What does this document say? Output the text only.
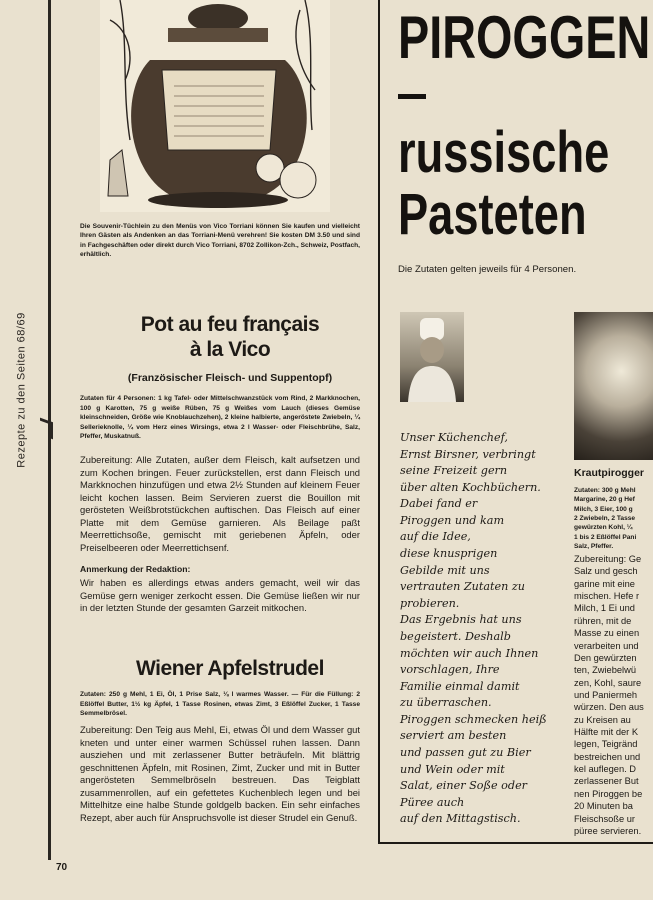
Rezepte zu den Seiten 68/69
Die Souvenir-Tüchlein zu den Menüs von Vico Torriani können Sie kaufen und vielleicht Ihren Gästen als Andenken an das Torriani-Menü verehren! Sie kosten DM 3.50 und sind in Fachgeschäften oder direkt durch Vico Torriani, 8702 Zollikon-Zch., Schweiz, Postfach, erhältlich.
Pot au feu français
à la Vico
(Französischer Fleisch- und Suppentopf)
Zutaten für 4 Personen: 1 kg Tafel- oder Mittelschwanzstück vom Rind, 2 Markknochen, 100 g Karotten, 75 g weiße Rüben, 75 g Weißes vom Lauch (dieses Gemüse kleinschneiden, Größe wie Knoblauchzehen), 2 kleine halbierte, angeröstete Zwiebeln, ¼ Sellerieknolle, ¼ vom Herz eines Wirsings, etwa 2 l Wasser- oder Fleischbrühe, Salz, Pfeffer, Muskatnuß.
Zubereitung: Alle Zutaten, außer dem Fleisch, kalt aufsetzen und zum Kochen bringen. Feuer zurückstellen, erst dann Fleisch und Markknochen hinzufügen und etwa 2½ Stunden auf kleinem Feuer leicht kochen lassen. Beim Servieren zuerst die Bouillon mit gerösteten Weißbrotstückchen auftischen. Das Fleisch auf einer Platte mit dem Gemüse garnieren. Als Beilage paßt Meerrettichsoße, gemischt mit geriebenen Äpfeln, oder Preiselbeeren oder Meerrettichsenf.
Anmerkung der Redaktion:
Wir haben es allerdings etwas anders gemacht, weil wir das Gemüse gern weniger zerkocht essen. Die Gemüse ließen wir nur in der letzten Stunde der gesamten Garzeit mitkochen.
Wiener Apfelstrudel
Zutaten: 250 g Mehl, 1 Ei, Öl, 1 Prise Salz, ⅛ l warmes Wasser. — Für die Füllung: 2 Eßlöffel Butter, 1½ kg Äpfel, 1 Tasse Rosinen, etwas Zimt, 3 Eßlöffel Zucker, 1 Tasse Semmelbrösel.
Zubereitung: Den Teig aus Mehl, Ei, etwas Öl und dem Wasser gut kneten und unter einer warmen Schüssel ruhen lassen. Dann ausziehen und mit zerlassener Butter beträufeln. Mit blättrig geschnittenen Äpfeln, mit Rosinen, Zimt, Zucker und mit in Butter angerösteten Semmelbröseln bestreuen. Das Teigblatt zusammenrollen, auf ein gefettetes Kuchenblech legen und bei Mittelhitze eine halbe Stunde goldgelb backen. Ein sehr einfaches Rezept, aber auch für Anspruchsvolle ist dieser Strudel ein Genuß.
70
PIROGGEN
russische
Pasteten
Die Zutaten gelten jeweils für 4 Personen.
Unser Küchenchef,
Ernst Birsner, verbringt
seine Freizeit gern
über alten Kochbüchern.
Dabei fand er
Piroggen und kam
auf die Idee,
diese knusprigen
Gebilde mit uns
vertrauten Zutaten zu
probieren.
Das Ergebnis hat uns
begeistert. Deshalb
möchten wir auch Ihnen
vorschlagen, Ihre
Familie einmal damit
zu überraschen.
Piroggen schmecken heiß
serviert am besten
und passen gut zu Bier
und Wein oder mit
Salat, einer Soße oder
Püree auch
auf den Mittagstisch.
Krautpirogger
Zutaten: 300 g Mehl
Margarine, 20 g Hef
Milch, 3 Eier, 100 g
2 Zwiebeln, 2 Tasse
gewürzten Kohl, ¼
1 bis 2 Eßlöffel Pani
Salz, Pfeffer.
Zubereitung: Ge
Salz und gesch
garine mit eine
mischen. Hefe r
Milch, 1 Ei und
rühren, mit de
Masse zu einen
verarbeiten und
Den gewürzten
ten, Zwiebelwü
zen, Kohl, saure
und Paniermeh
würzen. Den aus
zu Kreisen au
Hälfte mit der K
legen, Teigränd
bestreichen und
kel auflegen. D
zerlassener But
nen Piroggen be
20 Minuten ba
Fleischsoße ur
püree servieren.
